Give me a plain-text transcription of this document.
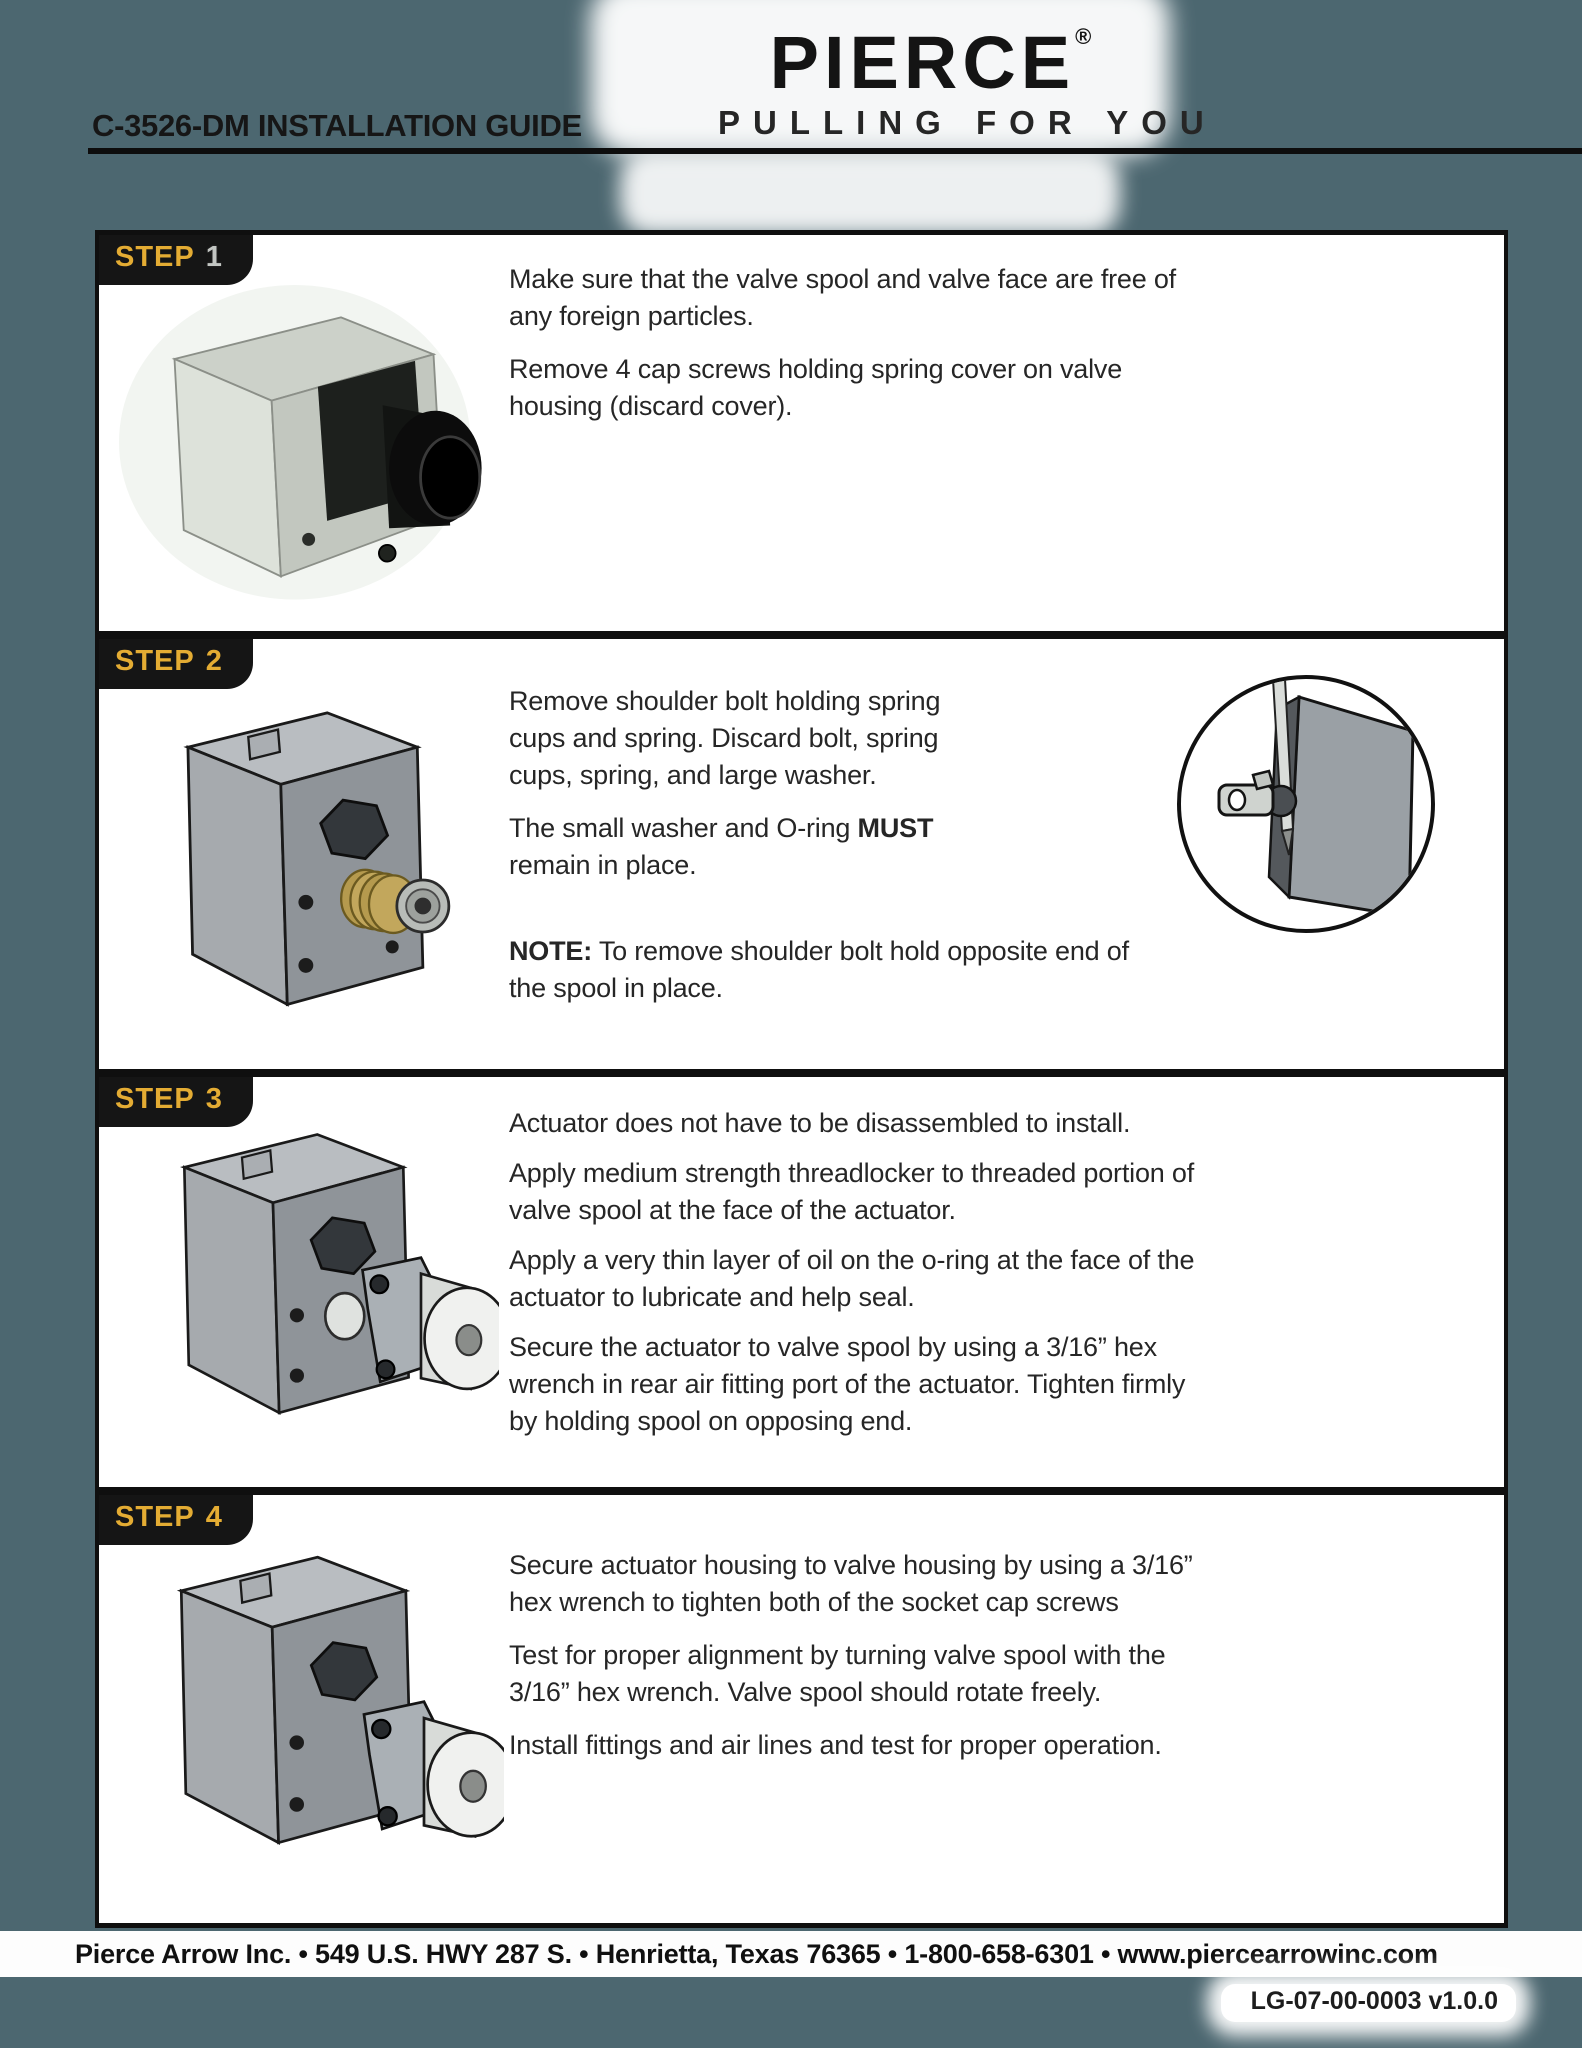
C-3526-DM INSTALLATION GUIDE
PIERCE®
PULLING FOR YOU
STEP 1

Make sure that the valve spool and valve face are free of any foreign particles.

Remove 4 cap screws holding spring cover on valve housing (discard cover).

STEP 2

Remove shoulder bolt holding spring cups and spring. Discard bolt, spring cups, spring, and large washer.

The small washer and O-ring MUST remain in place.

NOTE: To remove shoulder bolt hold opposite end of the spool in place.

STEP 3

Actuator does not have to be disassembled to install.

Apply medium strength threadlocker to threaded portion of valve spool at the face of the actuator.

Apply a very thin layer of oil on the o-ring at the face of the actuator to lubricate and help seal.

Secure the actuator to valve spool by using a 3/16” hex wrench in rear air fitting port of the actuator. Tighten firmly by holding spool on opposing end.

STEP 4

Secure actuator housing to valve housing by using a 3/16” hex wrench to tighten both of the socket cap screws

Test for proper alignment by turning valve spool with the 3/16” hex wrench. Valve spool should rotate freely.

Install fittings and air lines and test for proper operation.

Pierce Arrow Inc. • 549 U.S. HWY 287 S. • Henrietta, Texas 76365 • 1-800-658-6301 • www.piercearrowinc.com
LG-07-00-0003 v1.0.0
